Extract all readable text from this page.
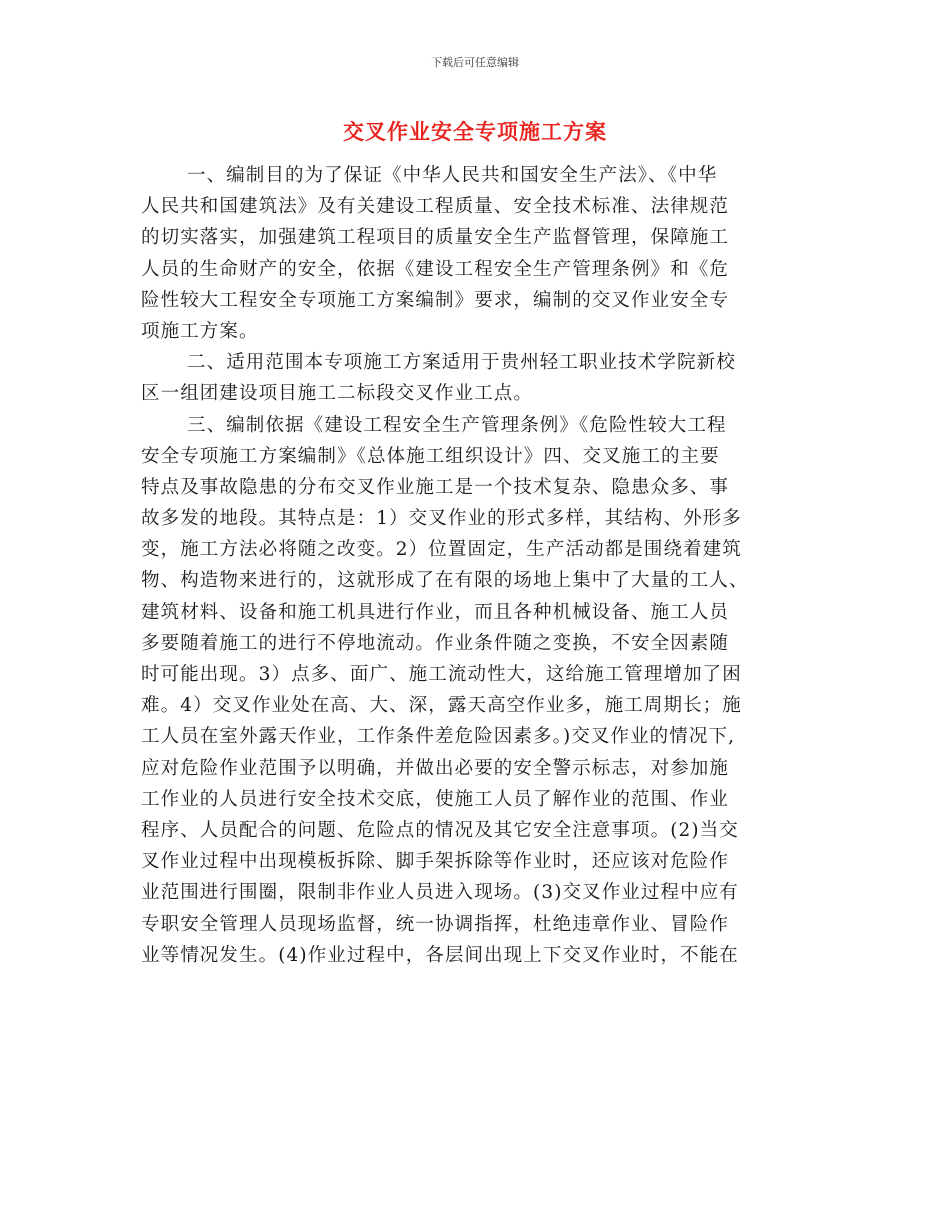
下载后可任意编辑
交叉作业安全专项施工方案
一、编制目的为了保证《中华人民共和国安全生产法》、《中华
人民共和国建筑法》及有关建设工程质量、安全技术标准、法律规范
的切实落实，加强建筑工程项目的质量安全生产监督管理，保障施工
人员的生命财产的安全，依据《建设工程安全生产管理条例》和《危
险性较大工程安全专项施工方案编制》要求，编制的交叉作业安全专
项施工方案。
二、适用范围本专项施工方案适用于贵州轻工职业技术学院新校
区一组团建设项目施工二标段交叉作业工点。
三、编制依据《建设工程安全生产管理条例》《危险性较大工程
安全专项施工方案编制》《总体施工组织设计》四、交叉施工的主要
特点及事故隐患的分布交叉作业施工是一个技术复杂、隐患众多、事
故多发的地段。其特点是：1）交叉作业的形式多样，其结构、外形多
变，施工方法必将随之改变。2）位置固定，生产活动都是围绕着建筑
物、构造物来进行的，这就形成了在有限的场地上集中了大量的工人、
建筑材料、设备和施工机具进行作业，而且各种机械设备、施工人员
多要随着施工的进行不停地流动。作业条件随之变换，不安全因素随
时可能出现。3）点多、面广、施工流动性大，这给施工管理增加了困
难。4）交叉作业处在高、大、深，露天高空作业多，施工周期长；施
工人员在室外露天作业，工作条件差危险因素多。)交叉作业的情况下,
应对危险作业范围予以明确，并做出必要的安全警示标志，对参加施
工作业的人员进行安全技术交底，使施工人员了解作业的范围、作业
程序、人员配合的问题、危险点的情况及其它安全注意事项。(2)当交
叉作业过程中出现模板拆除、脚手架拆除等作业时，还应该对危险作
业范围进行围圈，限制非作业人员进入现场。(3)交叉作业过程中应有
专职安全管理人员现场监督，统一协调指挥，杜绝违章作业、冒险作
业等情况发生。(4)作业过程中，各层间出现上下交叉作业时，不能在
